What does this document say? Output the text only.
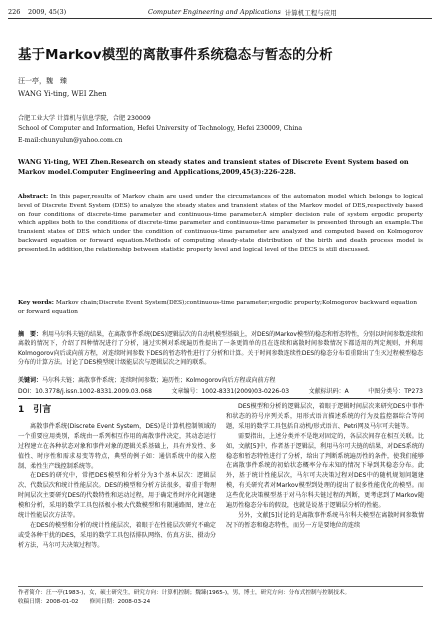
226	2009, 45(3)	Computer Engineering and Applications 计算机工程与应用
基于Markov模型的离散事件系统稳态与暂态的分析
汪一亭，魏　臻
WANG Yi-ting, WEI Zhen
合肥工业大学 计算机与信息学院，合肥 230009
School of Computer and Information, Hefei University of Technology, Hefei 230009, China
E-mail:chunyulun@yahoo.com.cn
WANG Yi-ting, WEI Zhen.Research on steady states and transient states of Discrete Event System based on Markov model.Computer Engineering and Applications,2009,45(3):226-228.
Abstract: In this paper,results of Markov chain are used under the circumstances of the automaton model which belongs to logical level of Discrete Event System (DES) to analyze the steady states and transient states of the Markov model of DES,respectively based on four conditions of discrete-time parameter and continuous-time parameter.A simpler decision rule of system ergodic property which applies both to the conditions of discrete-time parameter and continuous-time parameter is presented through an example.The transient states of DES which under the condition of continuous-time parameter are analyzed and computed based on Kolmogorov backward equation or forward equation.Methods of computing steady-state distribution of the birth and death process model is presented.In addition,the relationship between statistic property level and logical level of the DECS is still discussed.
Key words: Markov chain;Discrete Event System(DES);continuous-time parameter;ergodic property;Kolmogorov backward equation or forward equation
摘　要：利用马尔科夫链的结果，在离散事件系统(DES)逻辑层次的自动机模型基础上，对DES的Markov模型的稳态和暂态特性，分别以时间参数连续和离散的情况下，介绍了四种情况进行了分析，通过实例对系统遍历性提出了一条更简单的且在连续和离散时间参数情况下都适用的判定规则，并利用Kolmogorov向后或向前方程，对连续时间参数下DES的暂态特性进行了分析和计算。关于时间参数连续性DES的稳态分布看重除出了生灭过程模型稳态分布的计算方法。讨论了DES模型统计级能层次与逻辑层次之间的联系。
关键词：马尔科夫链；离散事件系统；连续时间参数；遍历性；Kolmogorov向后方程或向前方程
DOI：10.3778/j.issn.1002-8331.2009.03.068	文章编号：1002-8331(2009)03-0226-03	文献标识码：A	中图分类号：TP273
1　引言

离散事件系统(Discrete Event System，DES)是计算机控制领域的一个重要应用类别，系统由一系列相互作用的离散事件决定，其动态运行过程建立在各种状态对象和事件对象的逻辑关系基础上，具有并发性、多值性、时序性和需求易变等特点，典型的例子如：通信系统中的接入控制、柔性生产线控制系统等。

在DES的研究中，常把DES模型和分析分为3个基本层次：逻辑层次、代数层次和统计性能层次。DES的模型和分析方法很多，着重于物理时间层次主要研究DES的代数特性和运动过程，用于确定性时序化间题建模和分析，采用的数学工具包括极小极大代数模型和有限通路图，建立在统计性能层次方法等。

在DES的模型和分析的统计性能层次，着眼于在性能层次研究不确定或受各种干扰的DES，采用的数学工具包括排队网络、仿真方法、摄动分析方法，马尔可夫决策过程等。

DES模型和分析的逻辑层次，着眼于逻辑时间层次来研究DES中事件和状态的符号序列关系，用形式语言描述系统的行为及监控器综合等问题，采用的数学工具包括自动机/形式语言、Petri网及马尔可夫链等。

需要指出，上述分类并不是绝对固定的，各层次间存在相互关联。比如，文献[5]中，作者基于逻辑层，利用马尔可夫链的结果，对DES系统的稳态和暂态特性进行了分析，给出了判断系统遍历性的条件，使我们能够在离散事件系统的初始状态概率分布未知的情况下导到其稳态分布。此外，基于统计性能层次，马尔可夫决策过程对DES中的随机规划问题建模，有关研究者对Markov模型到处理的提出了很多性能优化的模型。而这些优化决策模型基于对马尔科夫链过程的判断，更考虑到了Markov随遍历性稳态分布的假设，也就是说基于逻辑层分析的性能。

另外，文献[5]讨论的是离散事件系统马尔科夫模型在离散时间参数情况下的暂态和稳态特性，而另一方是要地位的连续

作者简介：汪一亭(1983-)，女，硕士研究生，研究方向：计算机控制；魏臻(1965-)，男，博士，研究方向：分布式控制与控制技术。
收稿日期：2008-01-02　　修回日期：2008-03-24
